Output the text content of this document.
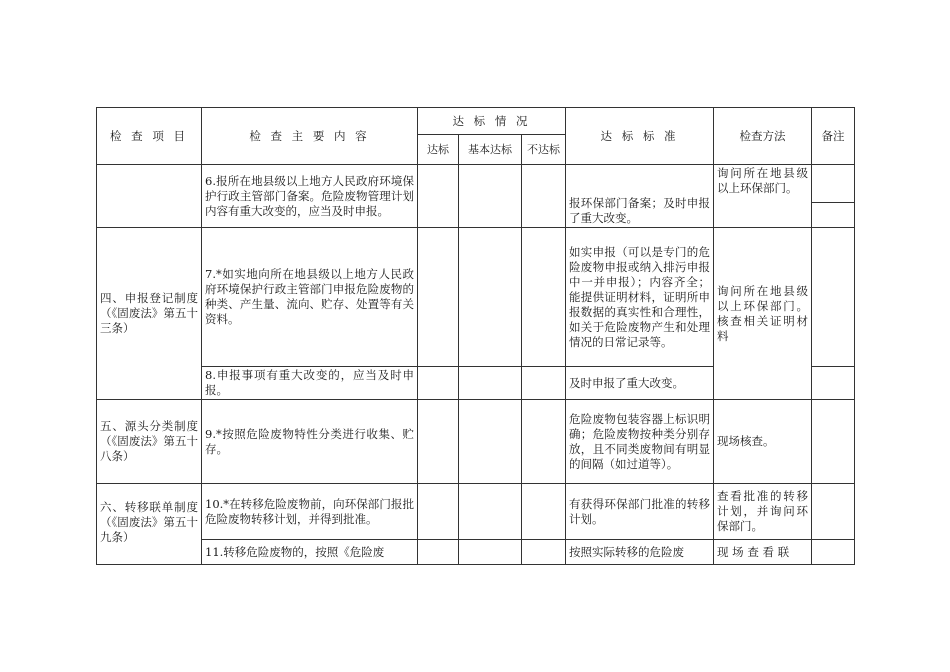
检 查 项 目	检 查 主 要 内 容	达 标 情 况			达 标 标 准	检查方法	备注
		达标	基本达标	不达标			
	6.报所在地县级以上地方人民政府环境保护行政主管部门备案。危险废物管理计划内容有重大改变的，应当及时申报。				报环保部门备案；及时申报了重大改变。	询问所在地县级以上环保部门。	

四、申报登记制度（《固废法》第五十三条）	7.*如实地向所在地县级以上地方人民政府环境保护行政主管部门申报危险废物的种类、产生量、流向、贮存、处置等有关资料。				如实申报（可以是专门的危险废物申报或纳入排污申报中一并申报）；内容齐全；能提供证明材料，证明所申报数据的真实性和合理性，如关于危险废物产生和处理情况的日常记录等。	询问所在地县级以上环保部门。核查相关证明材料	
	8.申报事项有重大改变的，应当及时申报。				及时申报了重大改变。		
五、源头分类制度（《固废法》第五十八条）	9.*按照危险废物特性分类进行收集、贮存。				危险废物包装容器上标识明确；危险废物按种类分别存放，且不同类废物间有明显的间隔（如过道等）。	现场核查。	
六、转移联单制度（《固废法》第五十九条）	10.*在转移危险废物前，向环保部门报批危险废物转移计划，并得到批准。				有获得环保部门批准的转移计划。	查看批准的转移计划，并询问环保部门。	
	11.转移危险废物的，按照《危险废				按照实际转移的危险废	现 场 查 看 联	
